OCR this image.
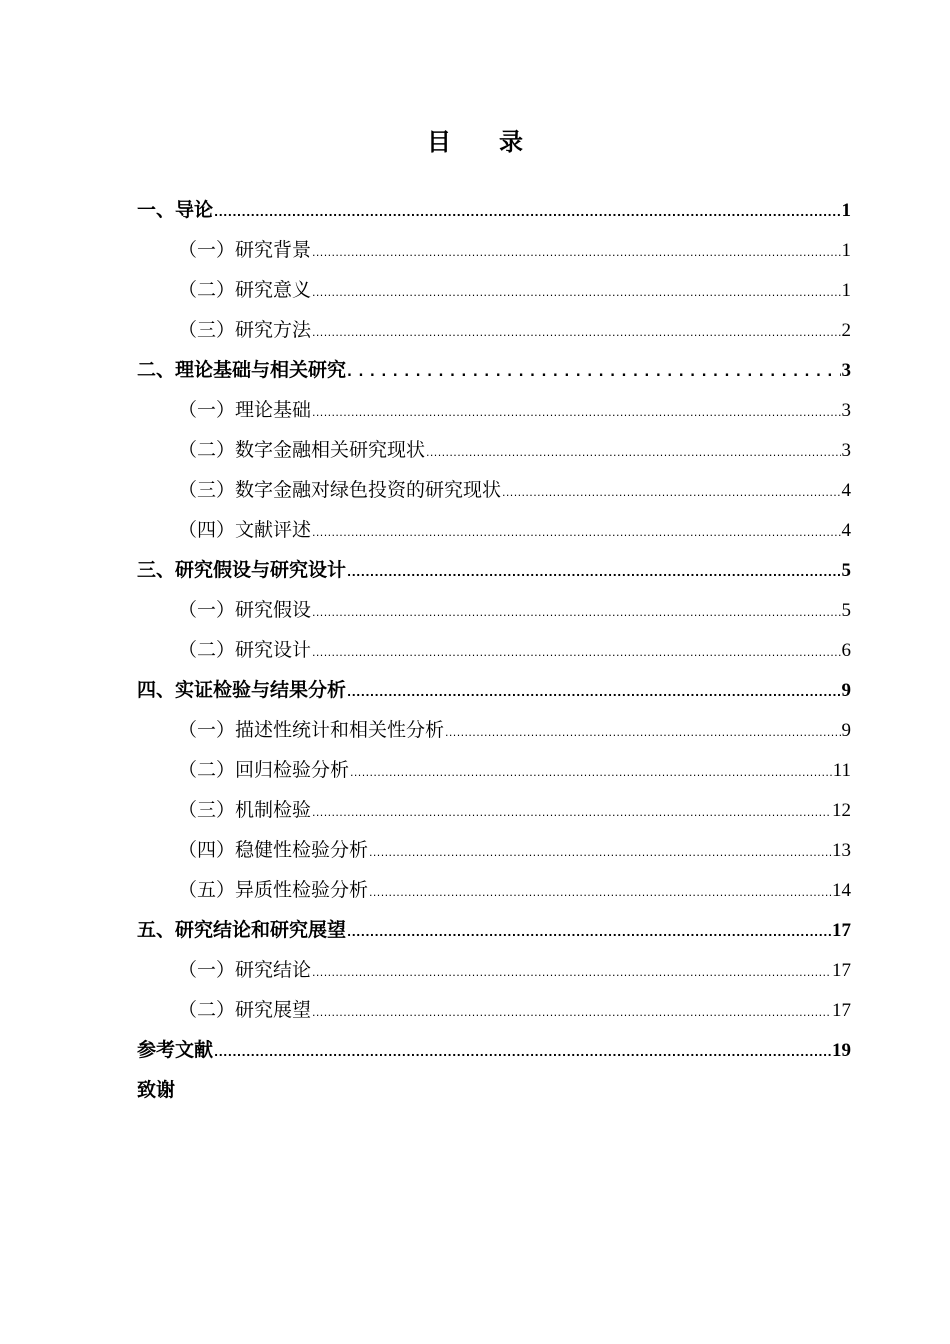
目 录
一、导论 .....	1
（一）研究背景 .....	1
（二）研究意义 .....	1
（三）研究方法 .....	2
二、理论基础与相关研究 .....	3
（一）理论基础 .....	3
（二）数字金融相关研究现状 .....	3
（三）数字金融对绿色投资的研究现状 .....	4
（四）文献评述 .....	4
三、研究假设与研究设计 .....	5
（一）研究假设 .....	5
（二）研究设计 .....	6
四、实证检验与结果分析 .....	9
（一）描述性统计和相关性分析 .....	9
（二）回归检验分析 .....	11
（三）机制检验 .....	12
（四）稳健性检验分析 .....	13
（五）异质性检验分析 .....	14
五、研究结论和研究展望 .....	17
（一）研究结论 .....	17
（二）研究展望 .....	17
参考文献 .....	19
致谢
